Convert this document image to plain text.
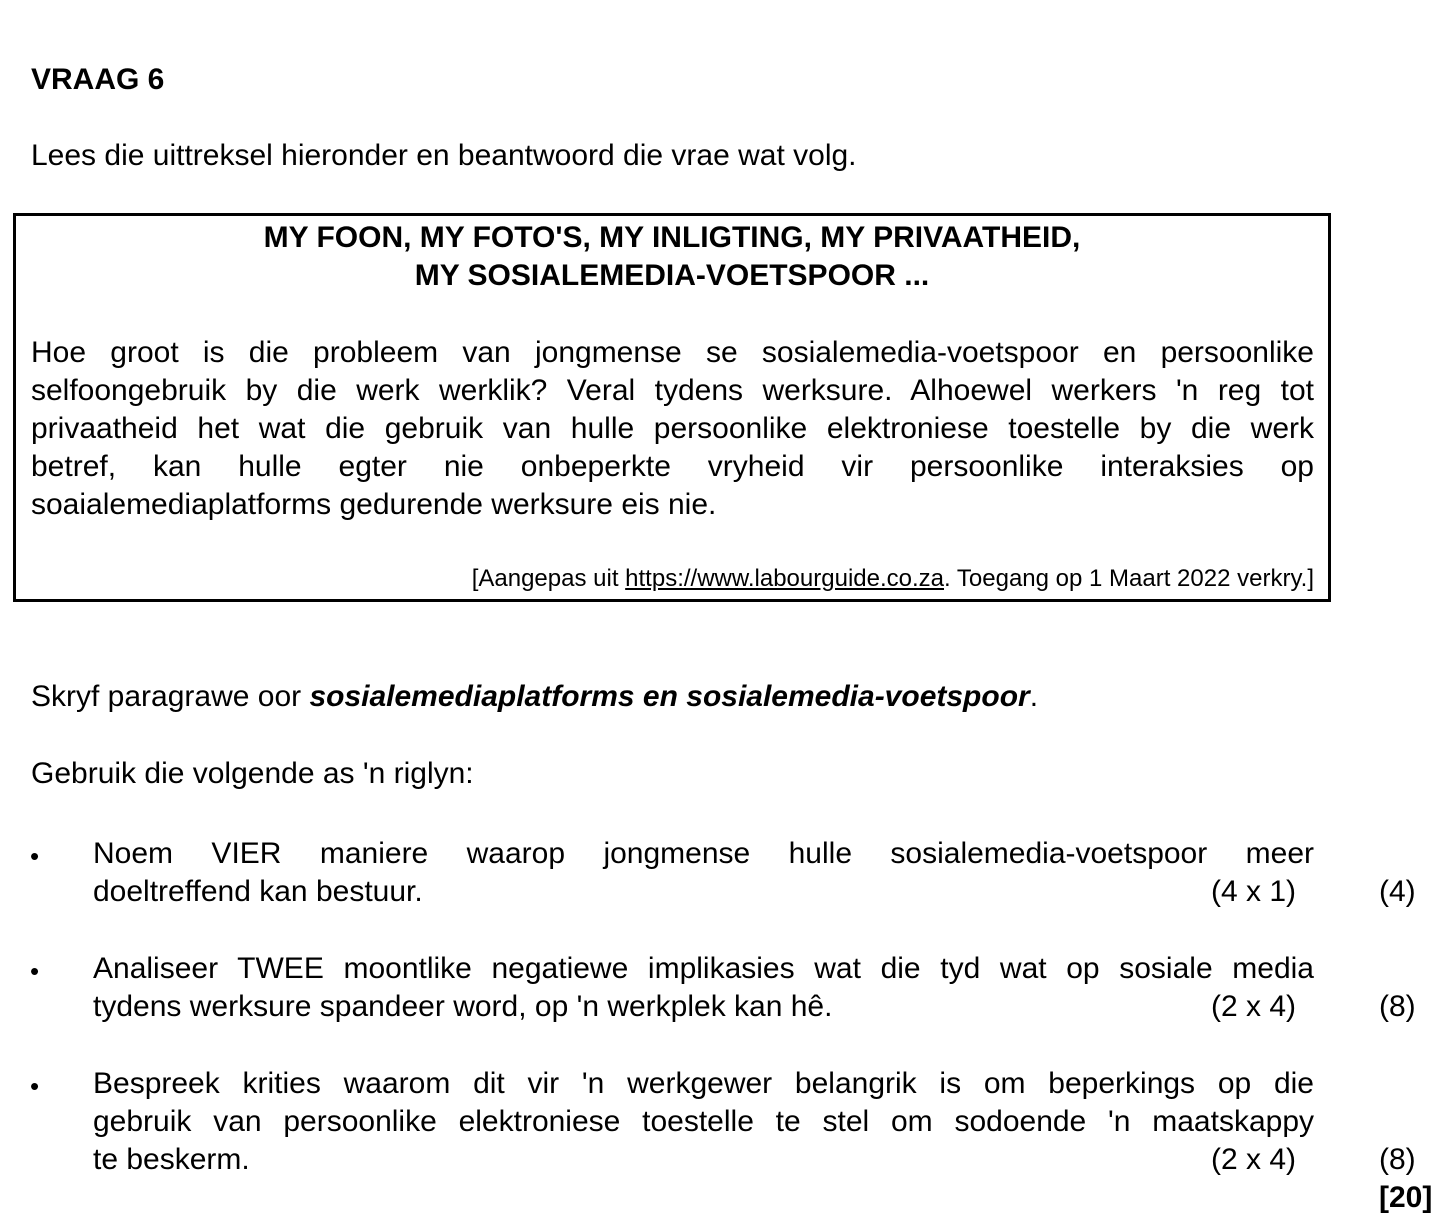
VRAAG 6
Lees die uittreksel hieronder en beantwoord die vrae wat volg.
MY FOON, MY FOTO'S, MY INLIGTING, MY PRIVAATHEID,
MY SOSIALEMEDIA-VOETSPOOR ...
Hoe groot is die probleem van jongmense se sosialemedia-voetspoor en persoonlike
selfoongebruik by die werk werklik? Veral tydens werksure. Alhoewel werkers 'n reg tot
privaatheid het wat die gebruik van hulle persoonlike elektroniese toestelle by die werk
betref, kan hulle egter nie onbeperkte vryheid vir persoonlike interaksies op
soaialemediaplatforms gedurende werksure eis nie.
[Aangepas uit https://www.labourguide.co.za. Toegang op 1 Maart 2022 verkry.]
Skryf paragrawe oor sosialemediaplatforms en sosialemedia-voetspoor.
Gebruik die volgende as 'n riglyn:
• Noem VIER maniere waarop jongmense hulle sosialemedia-voetspoor meer
doeltreffend kan bestuur.	(4 x 1)	(4)
• Analiseer TWEE moontlike negatiewe implikasies wat die tyd wat op sosiale media
tydens werksure spandeer word, op 'n werkplek kan hê.	(2 x 4)	(8)
• Bespreek krities waarom dit vir 'n werkgewer belangrik is om beperkings op die
gebruik van persoonlike elektroniese toestelle te stel om sodoende 'n maatskappy
te beskerm.	(2 x 4)	(8)
[20]
